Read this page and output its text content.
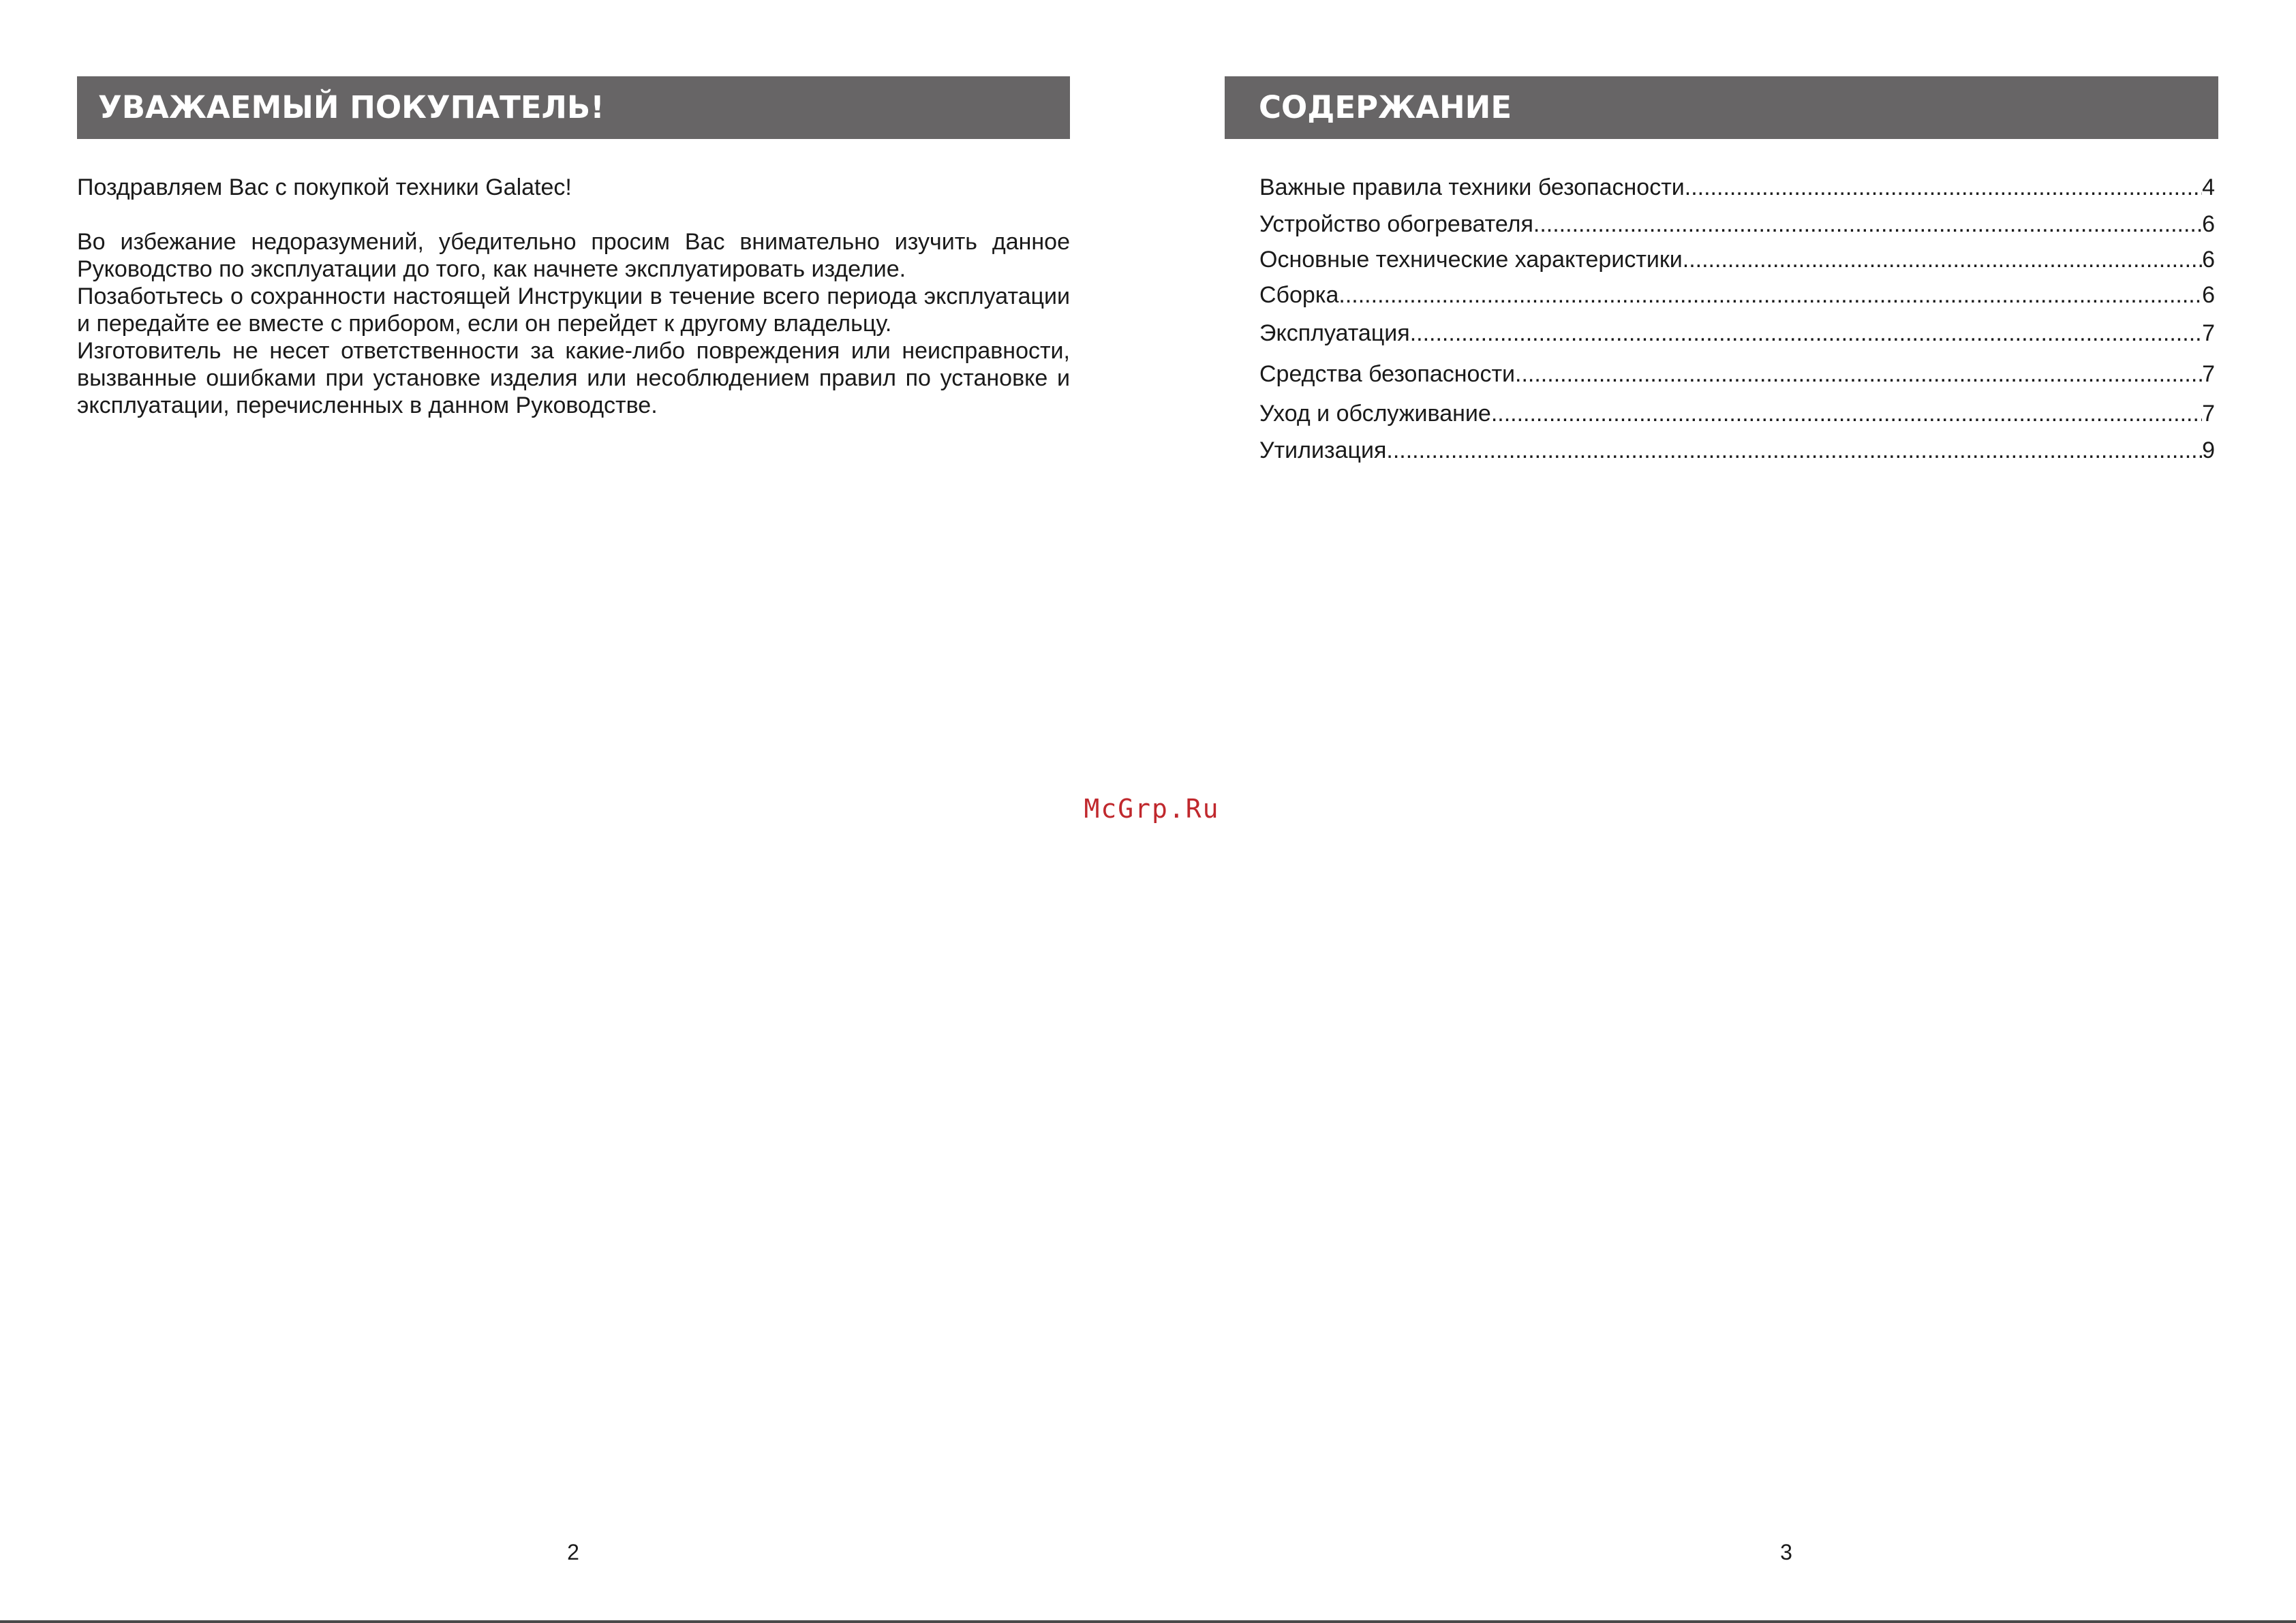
УВАЖАЕМЫЙ ПОКУПАТЕЛЬ!

Поздравляем Вас с покупкой техники Galatec!

Во избежание недоразумений, убедительно просим Вас внимательно изучить данное Руководство по эксплуатации до того, как начнете эксплуатировать изделие.

Позаботьтесь о сохранности настоящей Инструкции в течение всего периода эксплуатации и передайте ее вместе с прибором, если он перейдет к другому владельцу.

Изготовитель не несет ответственности за какие-либо повреждения или неисправности, вызванные ошибками при установке изделия или несоблюдением правил по установке и эксплуатации, перечисленных в данном Руководстве.

2
СОДЕРЖАНИЕ
Важные правила техники безопасности .....	4
Устройство обогревателя .....	6
Основные технические характеристики .....	6
Сборка .....	6
Эксплуатация .....	7
Средства безопасности .....	7
Уход и обслуживание .....	7
Утилизация .....	9
3
McGrp.Ru
